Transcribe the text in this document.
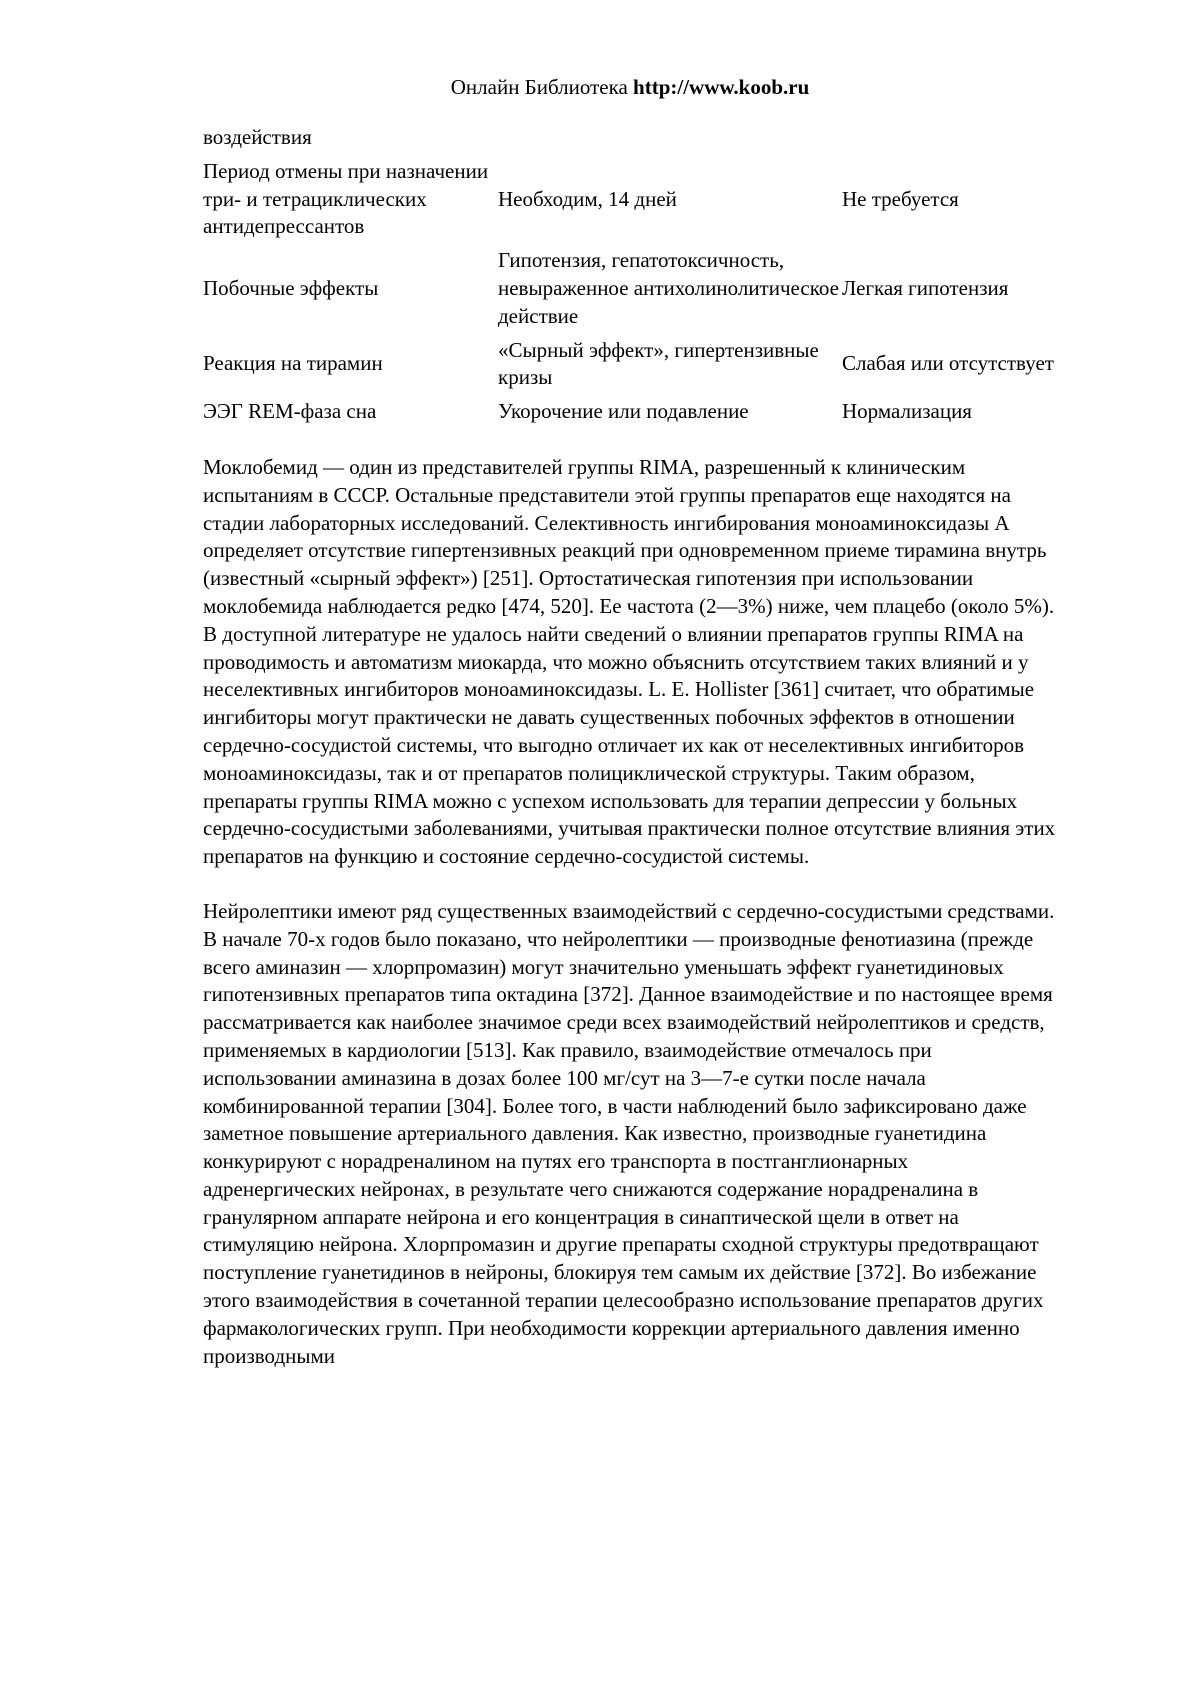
Онлайн Библиотека http://www.koob.ru
воздействия		
Период отмены при назначении три- и тетрациклических антидепрессантов	Необходим, 14 дней	Не требуется
Побочные эффекты	Гипотензия, гепатотоксичность, невыраженное антихолинолитическое действие	Легкая гипотензия
Реакция на тирамин	«Сырный эффект», гипертензивные кризы	Слабая или отсутствует
ЭЭГ REM-фаза сна	Укорочение или подавление	Нормализация

Моклобемид — один из представителей группы RIMA, разрешенный к клиническим испытаниям в СССР. Остальные представители этой группы препаратов еще находятся на стадии лабораторных исследований. Селективность ингибирования моноаминоксидазы А определяет отсутствие гипертензивных реакций при одновременном приеме тирамина внутрь (известный «сырный эффект») [251]. Ортостатическая гипотензия при использовании моклобемида наблюдается редко [474, 520]. Ее частота (2—3%) ниже, чем плацебо (около 5%). В доступной литературе не удалось найти сведений о влиянии препаратов группы RIMA на проводимость и автоматизм миокарда, что можно объяснить отсутствием таких влияний и у неселективных ингибиторов моноаминоксидазы. L. E. Hollister [361] считает, что обратимые ингибиторы могут практически не давать существенных побочных эффектов в отношении сердечно-сосудистой системы, что выгодно отличает их как от неселективных ингибиторов моноаминоксидазы, так и от препаратов полициклической структуры. Таким образом, препараты группы RIMA можно с успехом использовать для терапии депрессии у больных сердечно-сосудистыми заболеваниями, учитывая практически полное отсутствие влияния этих препаратов на функцию и состояние сердечно-сосудистой системы.

Нейролептики имеют ряд существенных взаимодействий с сердечно-сосудистыми средствами. В начале 70-х годов было показано, что нейролептики — производные фенотиазина (прежде всего аминазин — хлорпромазин) могут значительно уменьшать эффект гуанетидиновых гипотензивных препаратов типа октадина [372]. Данное взаимодействие и по настоящее время рассматривается как наиболее значимое среди всех взаимодействий нейролептиков и средств, применяемых в кардиологии [513]. Как правило, взаимодействие отмечалось при использовании аминазина в дозах более 100 мг/сут на 3—7-е сутки после начала комбинированной терапии [304]. Более того, в части наблюдений было зафиксировано даже заметное повышение артериального давления. Как известно, производные гуанетидина конкурируют с норадреналином на путях его транспорта в постганглионарных адренергических нейронах, в результате чего снижаются содержание норадреналина в гранулярном аппарате нейрона и его концентрация в синаптической щели в ответ на стимуляцию нейрона. Хлорпромазин и другие препараты сходной структуры предотвращают поступление гуанетидинов в нейроны, блокируя тем самым их действие [372]. Во избежание этого взаимодействия в сочетанной терапии целесообразно использование препаратов других фармакологических групп. При необходимости коррекции артериального давления именно производными
